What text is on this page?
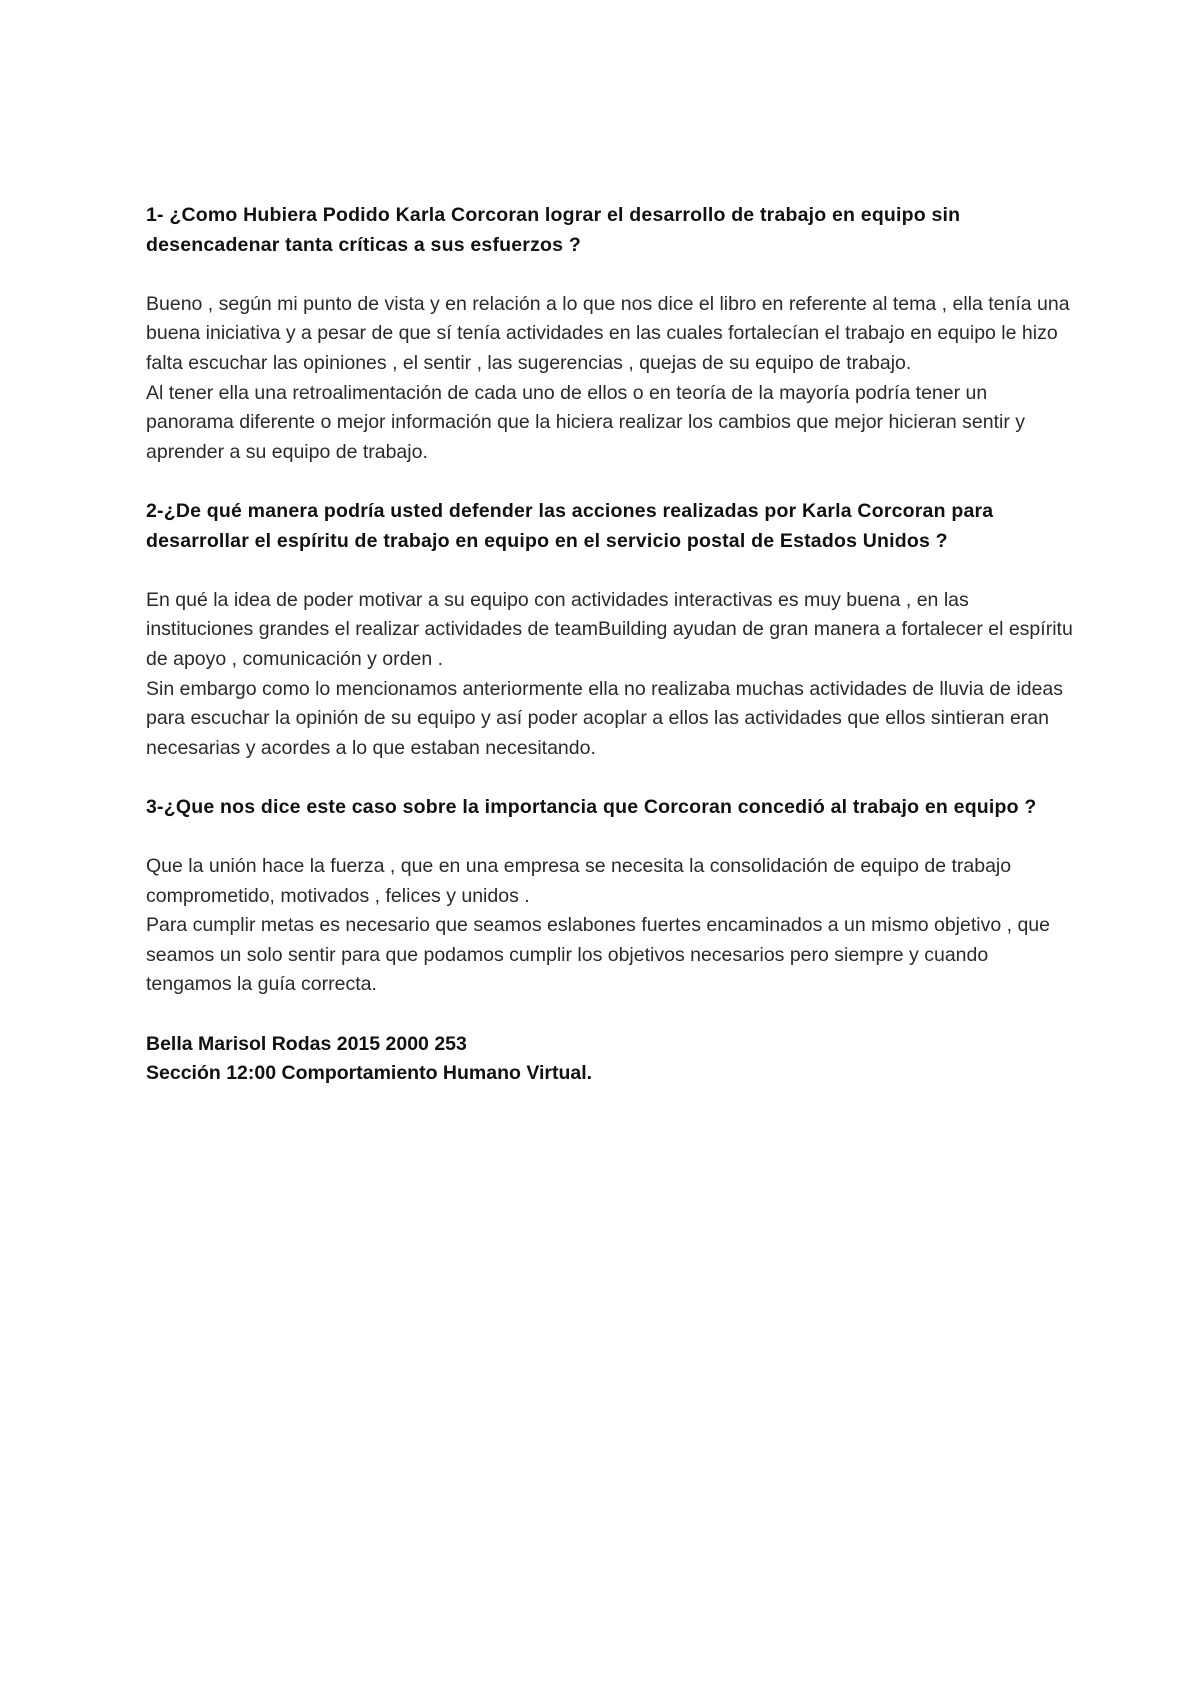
1- ¿Como Hubiera Podido Karla Corcoran lograr el desarrollo de trabajo en equipo sin desencadenar tanta críticas a sus esfuerzos ?

Bueno , según mi punto de vista y en relación a lo que nos dice el libro en referente al tema , ella tenía una buena iniciativa y a pesar de que sí tenía actividades en las cuales fortalecían el trabajo en equipo le hizo falta escuchar las opiniones , el sentir , las sugerencias , quejas de su equipo de trabajo.

Al tener ella una retroalimentación de cada uno de ellos o en teoría de la mayoría podría tener un panorama diferente o mejor información que la hiciera realizar los cambios que mejor hicieran sentir y aprender a su equipo de trabajo.

2-¿De qué manera podría usted defender las acciones realizadas por Karla Corcoran para desarrollar el espíritu de trabajo en equipo en el servicio postal de Estados Unidos ?

En qué la idea de poder motivar a su equipo con actividades interactivas es muy buena , en las instituciones grandes el realizar actividades de teamBuilding ayudan de gran manera a fortalecer el espíritu de apoyo , comunicación y orden .

Sin embargo como lo mencionamos anteriormente ella no realizaba muchas actividades de lluvia de ideas para escuchar la opinión de su equipo y así poder acoplar a ellos las actividades que ellos sintieran eran necesarias y acordes a lo que estaban necesitando.

3-¿Que nos dice este caso sobre la importancia que Corcoran concedió al trabajo en equipo ?

Que la unión hace la fuerza , que en una empresa se necesita la consolidación de equipo de trabajo comprometido, motivados , felices y unidos .

Para cumplir metas es necesario que seamos eslabones fuertes encaminados a un mismo objetivo , que seamos un solo sentir para que podamos cumplir los objetivos necesarios pero siempre y cuando tengamos la guía correcta.

Bella Marisol Rodas 2015 2000 253

Sección 12:00 Comportamiento Humano Virtual.
